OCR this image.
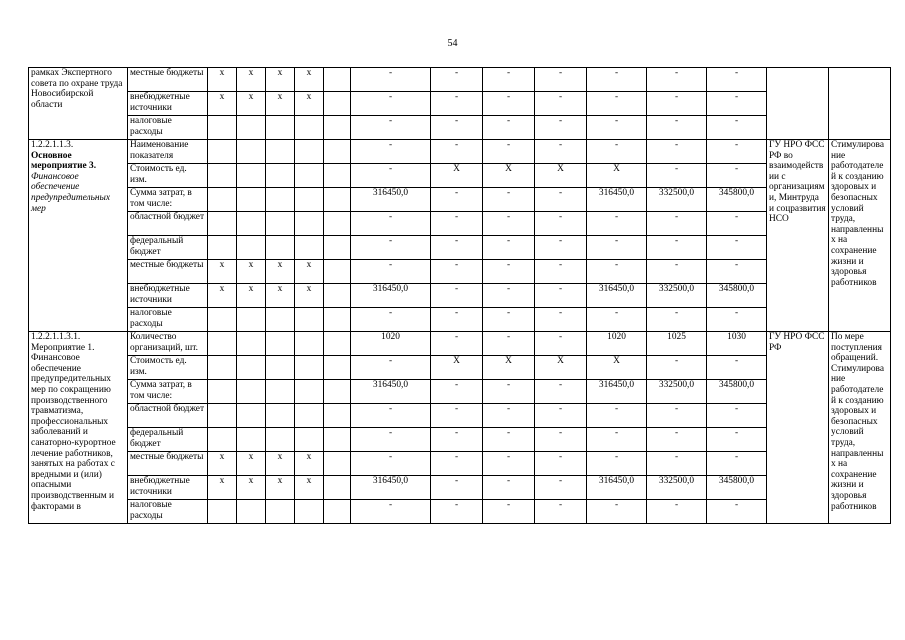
54
рамках Экспертного совета по охране труда Новосибирской области	местные бюджеты	x	x	x	x		-	-	-	-	-	-	-		
	внебюджетные источники	x	x	x	x		-	-	-	-	-	-	-		
	налоговые расходы						-	-	-	-	-	-	-		
1.2.2.1.1.3.
Основное мероприятие 3.
Финансовое обеспечение предупредительных мер	Наименование показателя						-	-	-	-	-	-	-	ГУ НРО ФСС РФ во взаимодействии с организациями, Минтруда и соцразвития НСО	Стимулирование работодателей к созданию здоровых и безопасных условий труда, направленных на сохранение жизни и здоровья работников
	Стоимость ед. изм.						-	X	X	X	X	-	-		
	Сумма затрат, в том числе:						316450,0	-	-	-	316450,0	332500,0	345800,0		
	областной бюджет						-	-	-	-	-	-	-		
	федеральный бюджет						-	-	-	-	-	-	-		
	местные бюджеты	x	x	x	x		-	-	-	-	-	-	-		
	внебюджетные источники	x	x	x	x		316450,0	-	-	-	316450,0	332500,0	345800,0		
	налоговые расходы						-	-	-	-	-	-	-		
1.2.2.1.1.3.1. Мероприятие 1. Финансовое обеспечение предупредительных мер по сокращению производственного травматизма, профессиональных заболеваний и санаторно-курортное лечение работников, занятых на работах с вредными и (или) опасными производственным и факторами в	Количество организаций, шт.						1020	-	-	-	1020	1025	1030	ГУ НРО ФСС РФ	По мере поступления обращений. Стимулирование работодателей к созданию здоровых и безопасных условий труда, направленных на сохранение жизни и здоровья работников
	Стоимость ед. изм.						-	X	X	X	X	-	-		
	Сумма затрат, в том числе:						316450,0	-	-	-	316450,0	332500,0	345800,0		
	областной бюджет						-	-	-	-	-	-	-		
	федеральный бюджет						-	-	-	-	-	-	-		
	местные бюджеты	x	x	x	x		-	-	-	-	-	-	-		
	внебюджетные источники	x	x	x	x		316450,0	-	-	-	316450,0	332500,0	345800,0		
	налоговые расходы						-	-	-	-	-	-	-		
